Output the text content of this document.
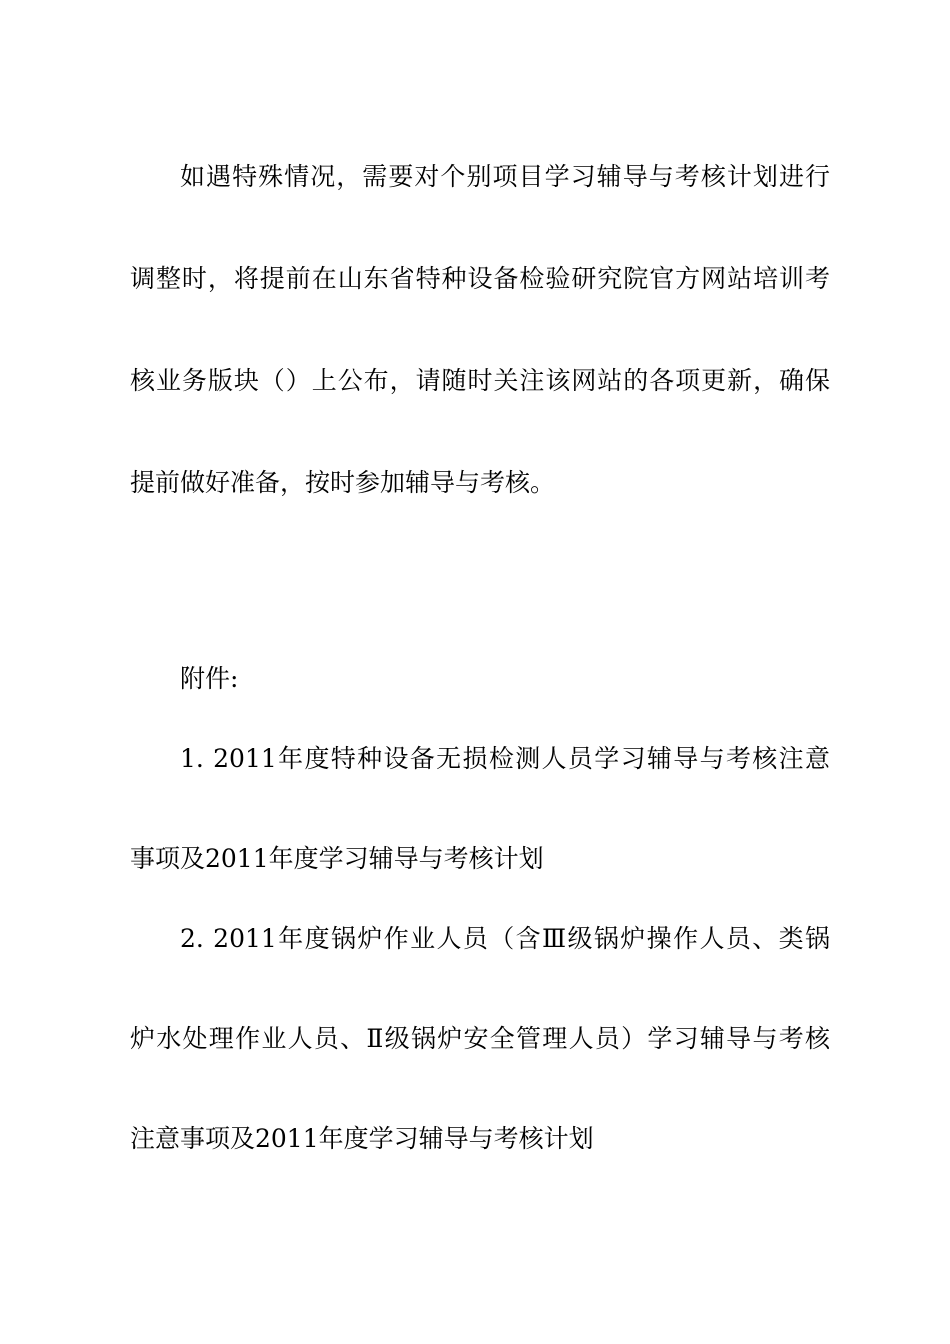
如遇特殊情况，需要对个别项目学习辅导与考核计划进行
调整时，将提前在山东省特种设备检验研究院官方网站培训考
核业务版块（）上公布，请随时关注该网站的各项更新，确保
提前做好准备，按时参加辅导与考核。
附件:
1. 2011年度特种设备无损检测人员学习辅导与考核注意
事项及2011年度学习辅导与考核计划
2. 2011年度锅炉作业人员（含Ⅲ级锅炉操作人员、类锅
炉水处理作业人员、Ⅱ级锅炉安全管理人员）学习辅导与考核
注意事项及2011年度学习辅导与考核计划
